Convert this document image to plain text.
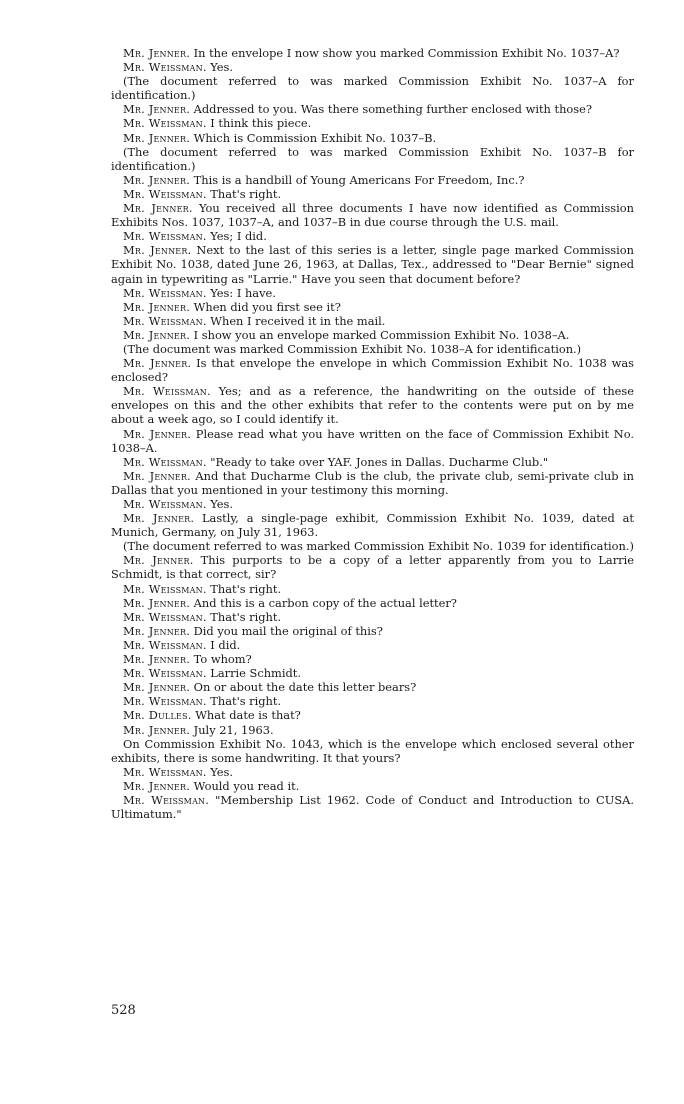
Mr. Jenner. In the envelope I now show you marked Commission Exhibit No. 1037–A?

Mr. Weissman. Yes.

(The document referred to was marked Commission Exhibit No. 1037–A for identification.)

Mr. Jenner. Addressed to you. Was there something further enclosed with those?

Mr. Weissman. I think this piece.

Mr. Jenner. Which is Commission Exhibit No. 1037–B.

(The document referred to was marked Commission Exhibit No. 1037–B for identification.)

Mr. Jenner. This is a handbill of Young Americans For Freedom, Inc.?

Mr. Weissman. That's right.

Mr. Jenner. You received all three documents I have now identified as Commission Exhibits Nos. 1037, 1037–A, and 1037–B in due course through the U.S. mail.

Mr. Weissman. Yes; I did.

Mr. Jenner. Next to the last of this series is a letter, single page marked Commission Exhibit No. 1038, dated June 26, 1963, at Dallas, Tex., addressed to "Dear Bernie" signed again in typewriting as "Larrie." Have you seen that document before?

Mr. Weissman. Yes: I have.

Mr. Jenner. When did you first see it?

Mr. Weissman. When I received it in the mail.

Mr. Jenner. I show you an envelope marked Commission Exhibit No. 1038–A.

(The document was marked Commission Exhibit No. 1038–A for identification.)

Mr. Jenner. Is that envelope the envelope in which Commission Exhibit No. 1038 was enclosed?

Mr. Weissman. Yes; and as a reference, the handwriting on the outside of these envelopes on this and the other exhibits that refer to the contents were put on by me about a week ago, so I could identify it.

Mr. Jenner. Please read what you have written on the face of Commission Exhibit No. 1038–A.

Mr. Weissman. "Ready to take over YAF. Jones in Dallas. Ducharme Club."

Mr. Jenner. And that Ducharme Club is the club, the private club, semi-private club in Dallas that you mentioned in your testimony this morning.

Mr. Weissman. Yes.

Mr. Jenner. Lastly, a single-page exhibit, Commission Exhibit No. 1039, dated at Munich, Germany, on July 31, 1963.

(The document referred to was marked Commission Exhibit No. 1039 for identification.)

Mr. Jenner. This purports to be a copy of a letter apparently from you to Larrie Schmidt, is that correct, sir?

Mr. Weissman. That's right.

Mr. Jenner. And this is a carbon copy of the actual letter?

Mr. Weissman. That's right.

Mr. Jenner. Did you mail the original of this?

Mr. Weissman. I did.

Mr. Jenner. To whom?

Mr. Weissman. Larrie Schmidt.

Mr. Jenner. On or about the date this letter bears?

Mr. Weissman. That's right.

Mr. Dulles. What date is that?

Mr. Jenner. July 21, 1963.

On Commission Exhibit No. 1043, which is the envelope which enclosed several other exhibits, there is some handwriting. It that yours?

Mr. Weissman. Yes.

Mr. Jenner. Would you read it.

Mr. Weissman. "Membership List 1962. Code of Conduct and Introduction to CUSA. Ultimatum."

528
